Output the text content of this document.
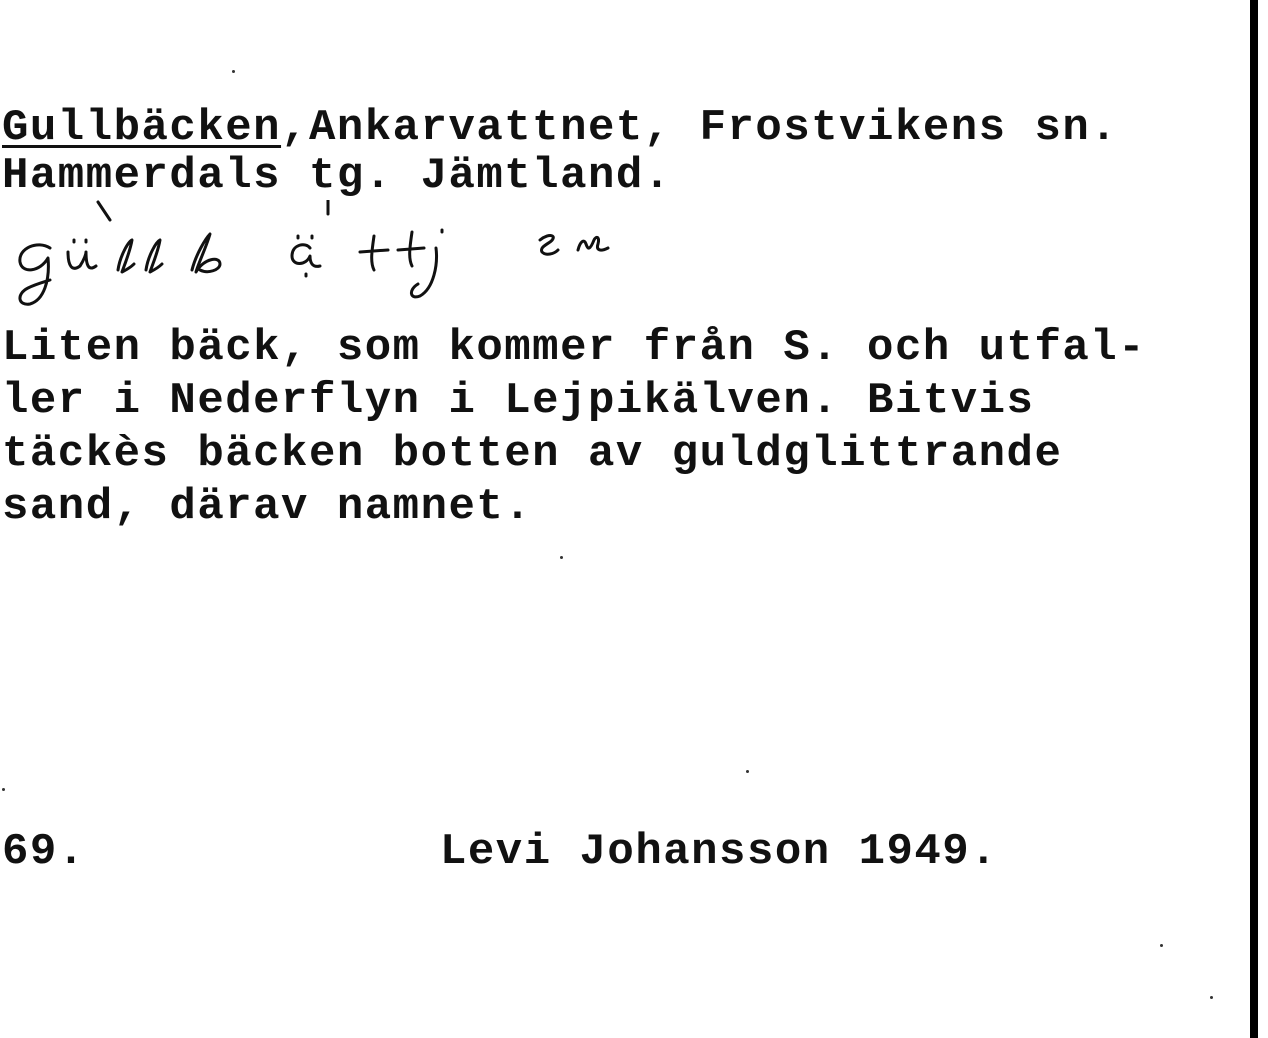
Gullbäcken,Ankarvattnet, Frostvikens sn.
Hammerdals tg. Jämtland.
Liten bäck, som kommer från S. och utfal-
ler i Nederflyn i Lejpikälven. Bitvis
täckès bäcken botten av guldglittrande
sand, därav namnet.
69.	Levi Johansson 1949.
